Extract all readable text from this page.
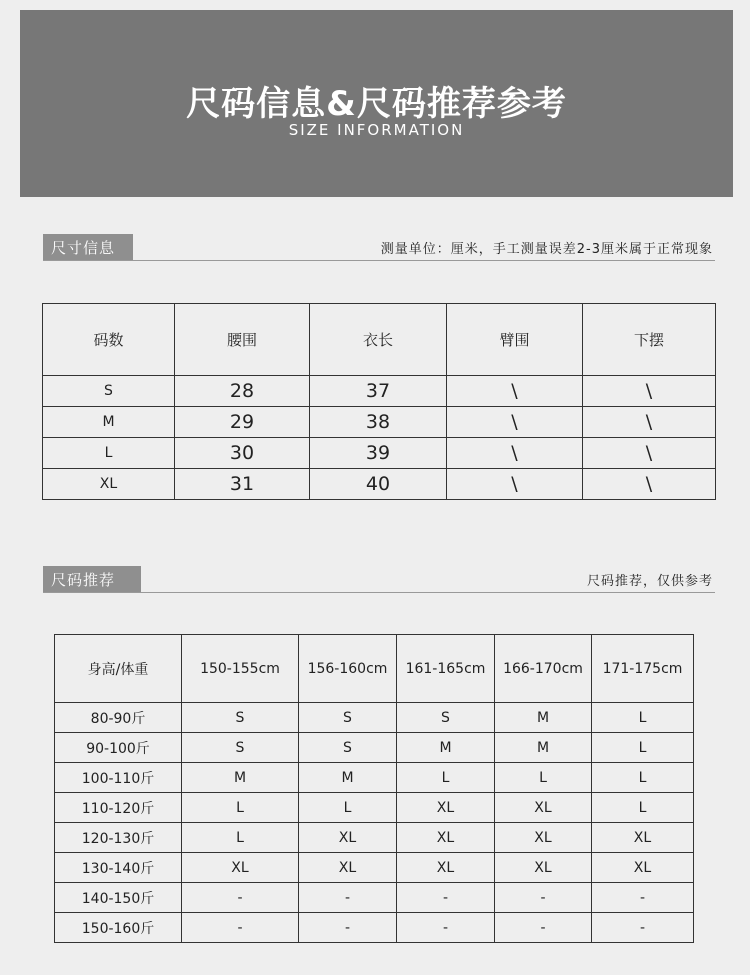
尺码信息&尺码推荐参考
SIZE INFORMATION
尺寸信息	测量单位：厘米，手工测量误差2-3厘米属于正常现象
码数	腰围	衣长	臂围	下摆
S	28	37	\	\
M	29	38	\	\
L	30	39	\	\
XL	31	40	\	\
尺码推荐	尺码推荐，仅供参考
身高/体重	150-155cm	156-160cm	161-165cm	166-170cm	171-175cm
80-90斤	S	S	S	M	L
90-100斤	S	S	M	M	L
100-110斤	M	M	L	L	L
110-120斤	L	L	XL	XL	L
120-130斤	L	XL	XL	XL	XL
130-140斤	XL	XL	XL	XL	XL
140-150斤	-	-	-	-	-
150-160斤	-	-	-	-	-
